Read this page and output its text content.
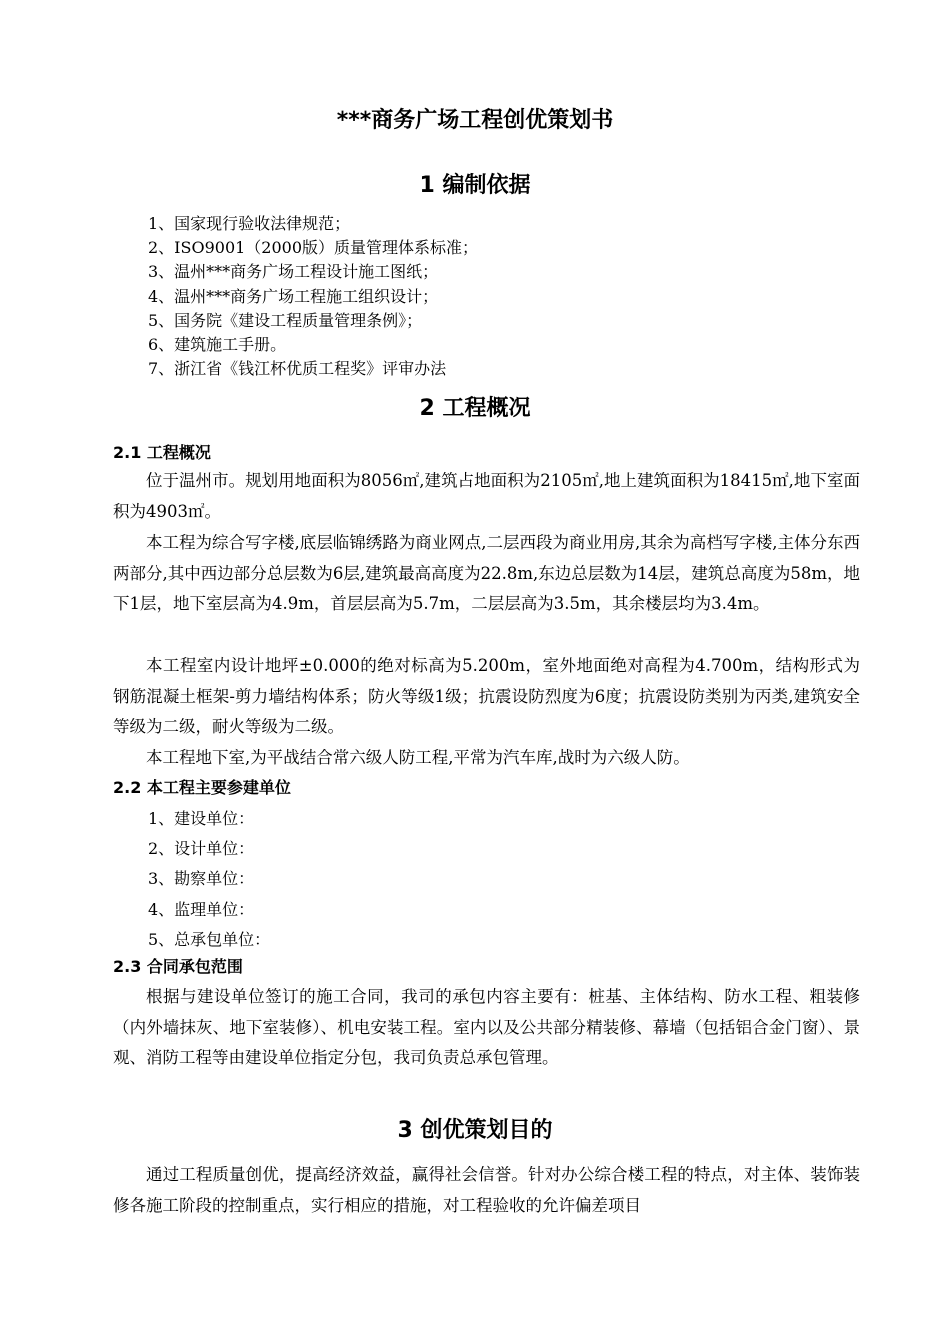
***商务广场工程创优策划书
1 编制依据
1、国家现行验收法律规范；
2、ISO9001（2000版）质量管理体系标准；
3、温州***商务广场工程设计施工图纸；
4、温州***商务广场工程施工组织设计；
5、国务院《建设工程质量管理条例》；
6、建筑施工手册。
7、浙江省《钱江杯优质工程奖》评审办法
2 工程概况
2.1 工程概况
位于温州市。规划用地面积为8056㎡,建筑占地面积为2105㎡,地上建筑面积为18415㎡,地下室面积为4903㎡。
本工程为综合写字楼,底层临锦绣路为商业网点,二层西段为商业用房,其余为高档写字楼,主体分东西两部分,其中西边部分总层数为6层,建筑最高高度为22.8m,东边总层数为14层，建筑总高度为58m，地下1层，地下室层高为4.9m，首层层高为5.7m，二层层高为3.5m，其余楼层均为3.4m。
本工程室内设计地坪±0.000的绝对标高为5.200m，室外地面绝对高程为4.700m，结构形式为钢筋混凝土框架-剪力墙结构体系；防火等级1级；抗震设防烈度为6度；抗震设防类别为丙类,建筑安全等级为二级，耐火等级为二级。
本工程地下室,为平战结合常六级人防工程,平常为汽车库,战时为六级人防。
2.2 本工程主要参建单位
1、建设单位：
2、设计单位：
3、勘察单位：
4、监理单位：
5、总承包单位：
2.3 合同承包范围
根据与建设单位签订的施工合同，我司的承包内容主要有：桩基、主体结构、防水工程、粗装修（内外墙抹灰、地下室装修）、机电安装工程。室内以及公共部分精装修、幕墙（包括铝合金门窗）、景观、消防工程等由建设单位指定分包，我司负责总承包管理。
3 创优策划目的
通过工程质量创优，提高经济效益，赢得社会信誉。针对办公综合楼工程的特点，对主体、装饰装修各施工阶段的控制重点，实行相应的措施，对工程验收的允许偏差项目
